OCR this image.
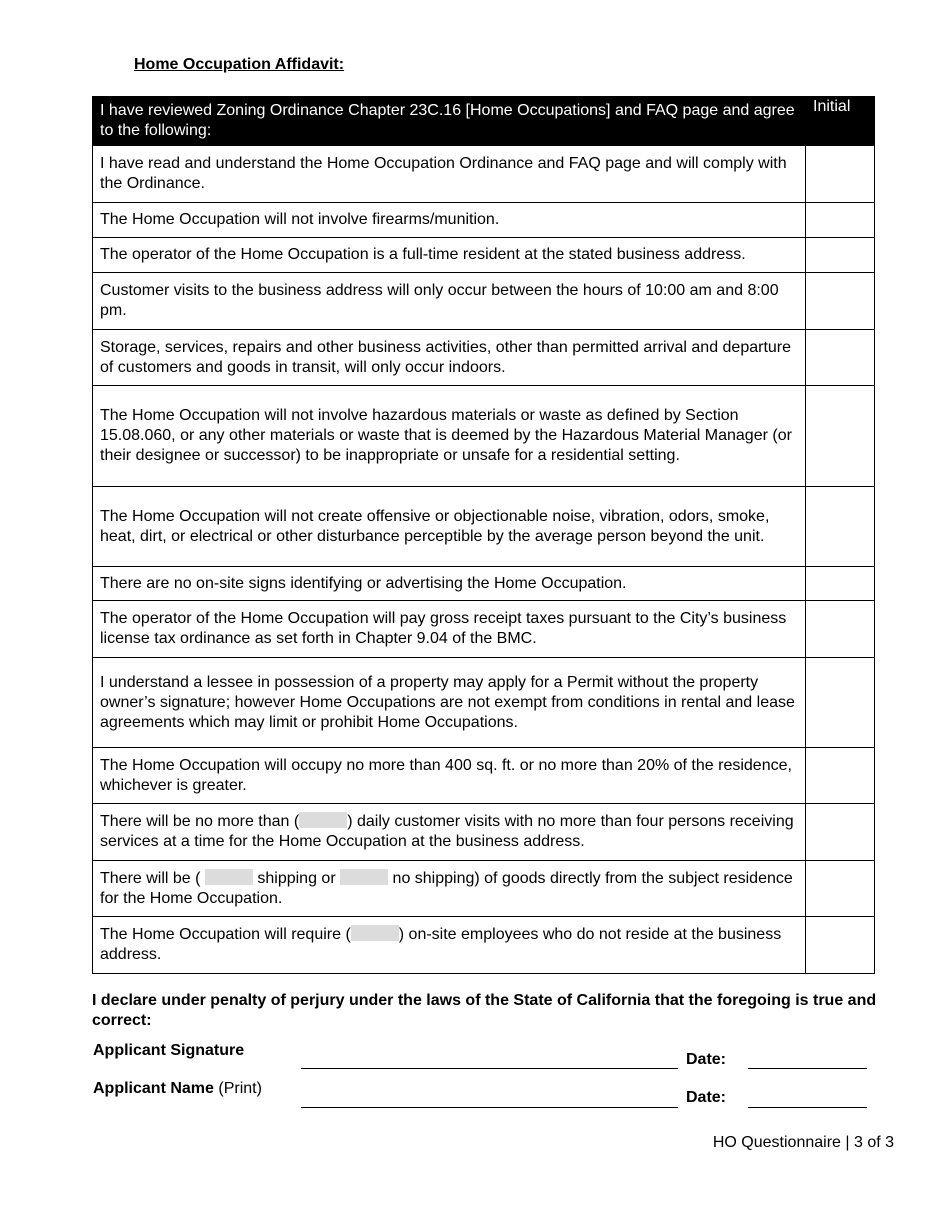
Home Occupation Affidavit:
I have reviewed Zoning Ordinance Chapter 23C.16 [Home Occupations] and FAQ page and agree to the following:	Initial
I have read and understand the Home Occupation Ordinance and FAQ page and will comply with the Ordinance.	
The Home Occupation will not involve firearms/munition.	
The operator of the Home Occupation is a full-time resident at the stated business address.	
Customer visits to the business address will only occur between the hours of 10:00 am and 8:00 pm.	
Storage, services, repairs and other business activities, other than permitted arrival and departure of customers and goods in transit, will only occur indoors.	
The Home Occupation will not involve hazardous materials or waste as defined by Section 15.08.060, or any other materials or waste that is deemed by the Hazardous Material Manager (or their designee or successor) to be inappropriate or unsafe for a residential setting.	
The Home Occupation will not create offensive or objectionable noise, vibration, odors, smoke, heat, dirt, or electrical or other disturbance perceptible by the average person beyond the unit.	
There are no on-site signs identifying or advertising the Home Occupation.	
The operator of the Home Occupation will pay gross receipt taxes pursuant to the City’s business license tax ordinance as set forth in Chapter 9.04 of the BMC.	
I understand a lessee in possession of a property may apply for a Permit without the property owner’s signature; however Home Occupations are not exempt from conditions in rental and lease agreements which may limit or prohibit Home Occupations.	
The Home Occupation will occupy no more than 400 sq. ft. or no more than 20% of the residence, whichever is greater.	
There will be no more than ( ) daily customer visits with no more than four persons receiving services at a time for the Home Occupation at the business address.	
There will be ( shipping or no shipping) of goods directly from the subject residence for the Home Occupation.	
The Home Occupation will require ( ) on-site employees who do not reside at the business address.	
I declare under penalty of perjury under the laws of the State of California that the foregoing is true and correct:
Applicant Signature
Date:
Applicant Name (Print)
Date:
HO Questionnaire | 3 of 3
